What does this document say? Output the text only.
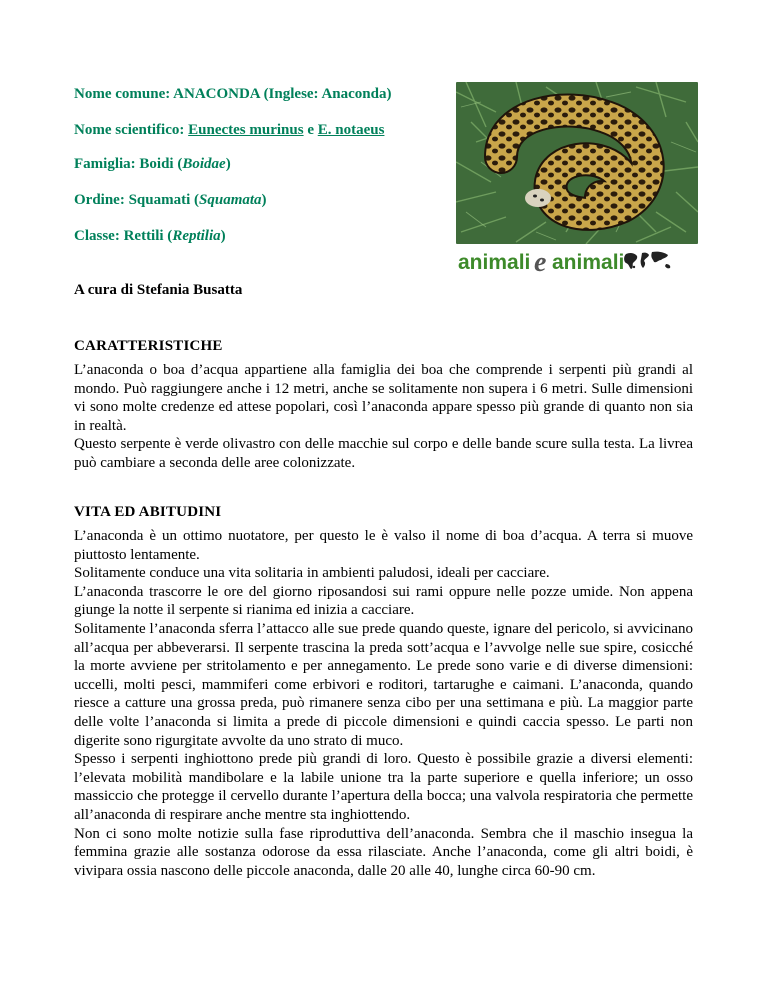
Nome comune: ANACONDA (Inglese: Anaconda)

Nome scientifico: Eunectes murinus e E. notaeus

Famiglia: Boidi (Boidae)

Ordine: Squamati (Squamata)

Classe: Rettili (Reptilia)

animali e animali

A cura di Stefania Busatta

CARATTERISTICHE

L’anaconda o boa d’acqua appartiene alla famiglia dei boa che comprende i serpenti più grandi al mondo. Può raggiungere anche i 12 metri, anche se solitamente non supera i 6 metri. Sulle dimensioni vi sono molte credenze ed attese popolari, così l’anaconda appare spesso più grande di quanto non sia in realtà.

Questo serpente è verde olivastro con delle macchie sul corpo e delle bande scure sulla testa. La livrea può cambiare a seconda delle aree colonizzate.

VITA ED ABITUDINI

L’anaconda è un ottimo nuotatore, per questo le è valso il nome di boa d’acqua. A terra si muove piuttosto lentamente.

Solitamente conduce una vita solitaria in ambienti paludosi, ideali per cacciare.

L’anaconda trascorre le ore del giorno riposandosi sui rami oppure nelle pozze umide. Non appena giunge la notte il serpente si rianima ed inizia a cacciare.

Solitamente l’anaconda sferra l’attacco alle sue prede quando queste, ignare del pericolo, si avvicinano all’acqua per abbeverarsi. Il serpente trascina la preda sott’acqua e l’avvolge nelle sue spire, cosicché la morte avviene per stritolamento e per annegamento. Le prede sono varie e di diverse dimensioni: uccelli, molti pesci, mammiferi come erbivori e roditori, tartarughe e caimani. L’anaconda, quando riesce a catture una grossa preda, può rimanere senza cibo per una settimana e più. La maggior parte delle volte l’anaconda si limita a prede di piccole dimensioni e quindi caccia spesso. Le parti non digerite sono rigurgitate avvolte da uno strato di muco.

Spesso i serpenti inghiottono prede più grandi di loro. Questo è possibile grazie a diversi elementi: l’elevata mobilità mandibolare e la labile unione tra la parte superiore e quella inferiore; un osso massiccio che protegge il cervello durante l’apertura della bocca; una valvola respiratoria che permette all’anaconda di respirare anche mentre sta inghiottendo.

Non ci sono molte notizie sulla fase riproduttiva dell’anaconda. Sembra che il maschio insegua la femmina grazie alle sostanza odorose da essa rilasciate. Anche l’anaconda, come gli altri boidi, è vivipara ossia nascono delle piccole anaconda, dalle 20 alle 40, lunghe circa 60-90 cm.
